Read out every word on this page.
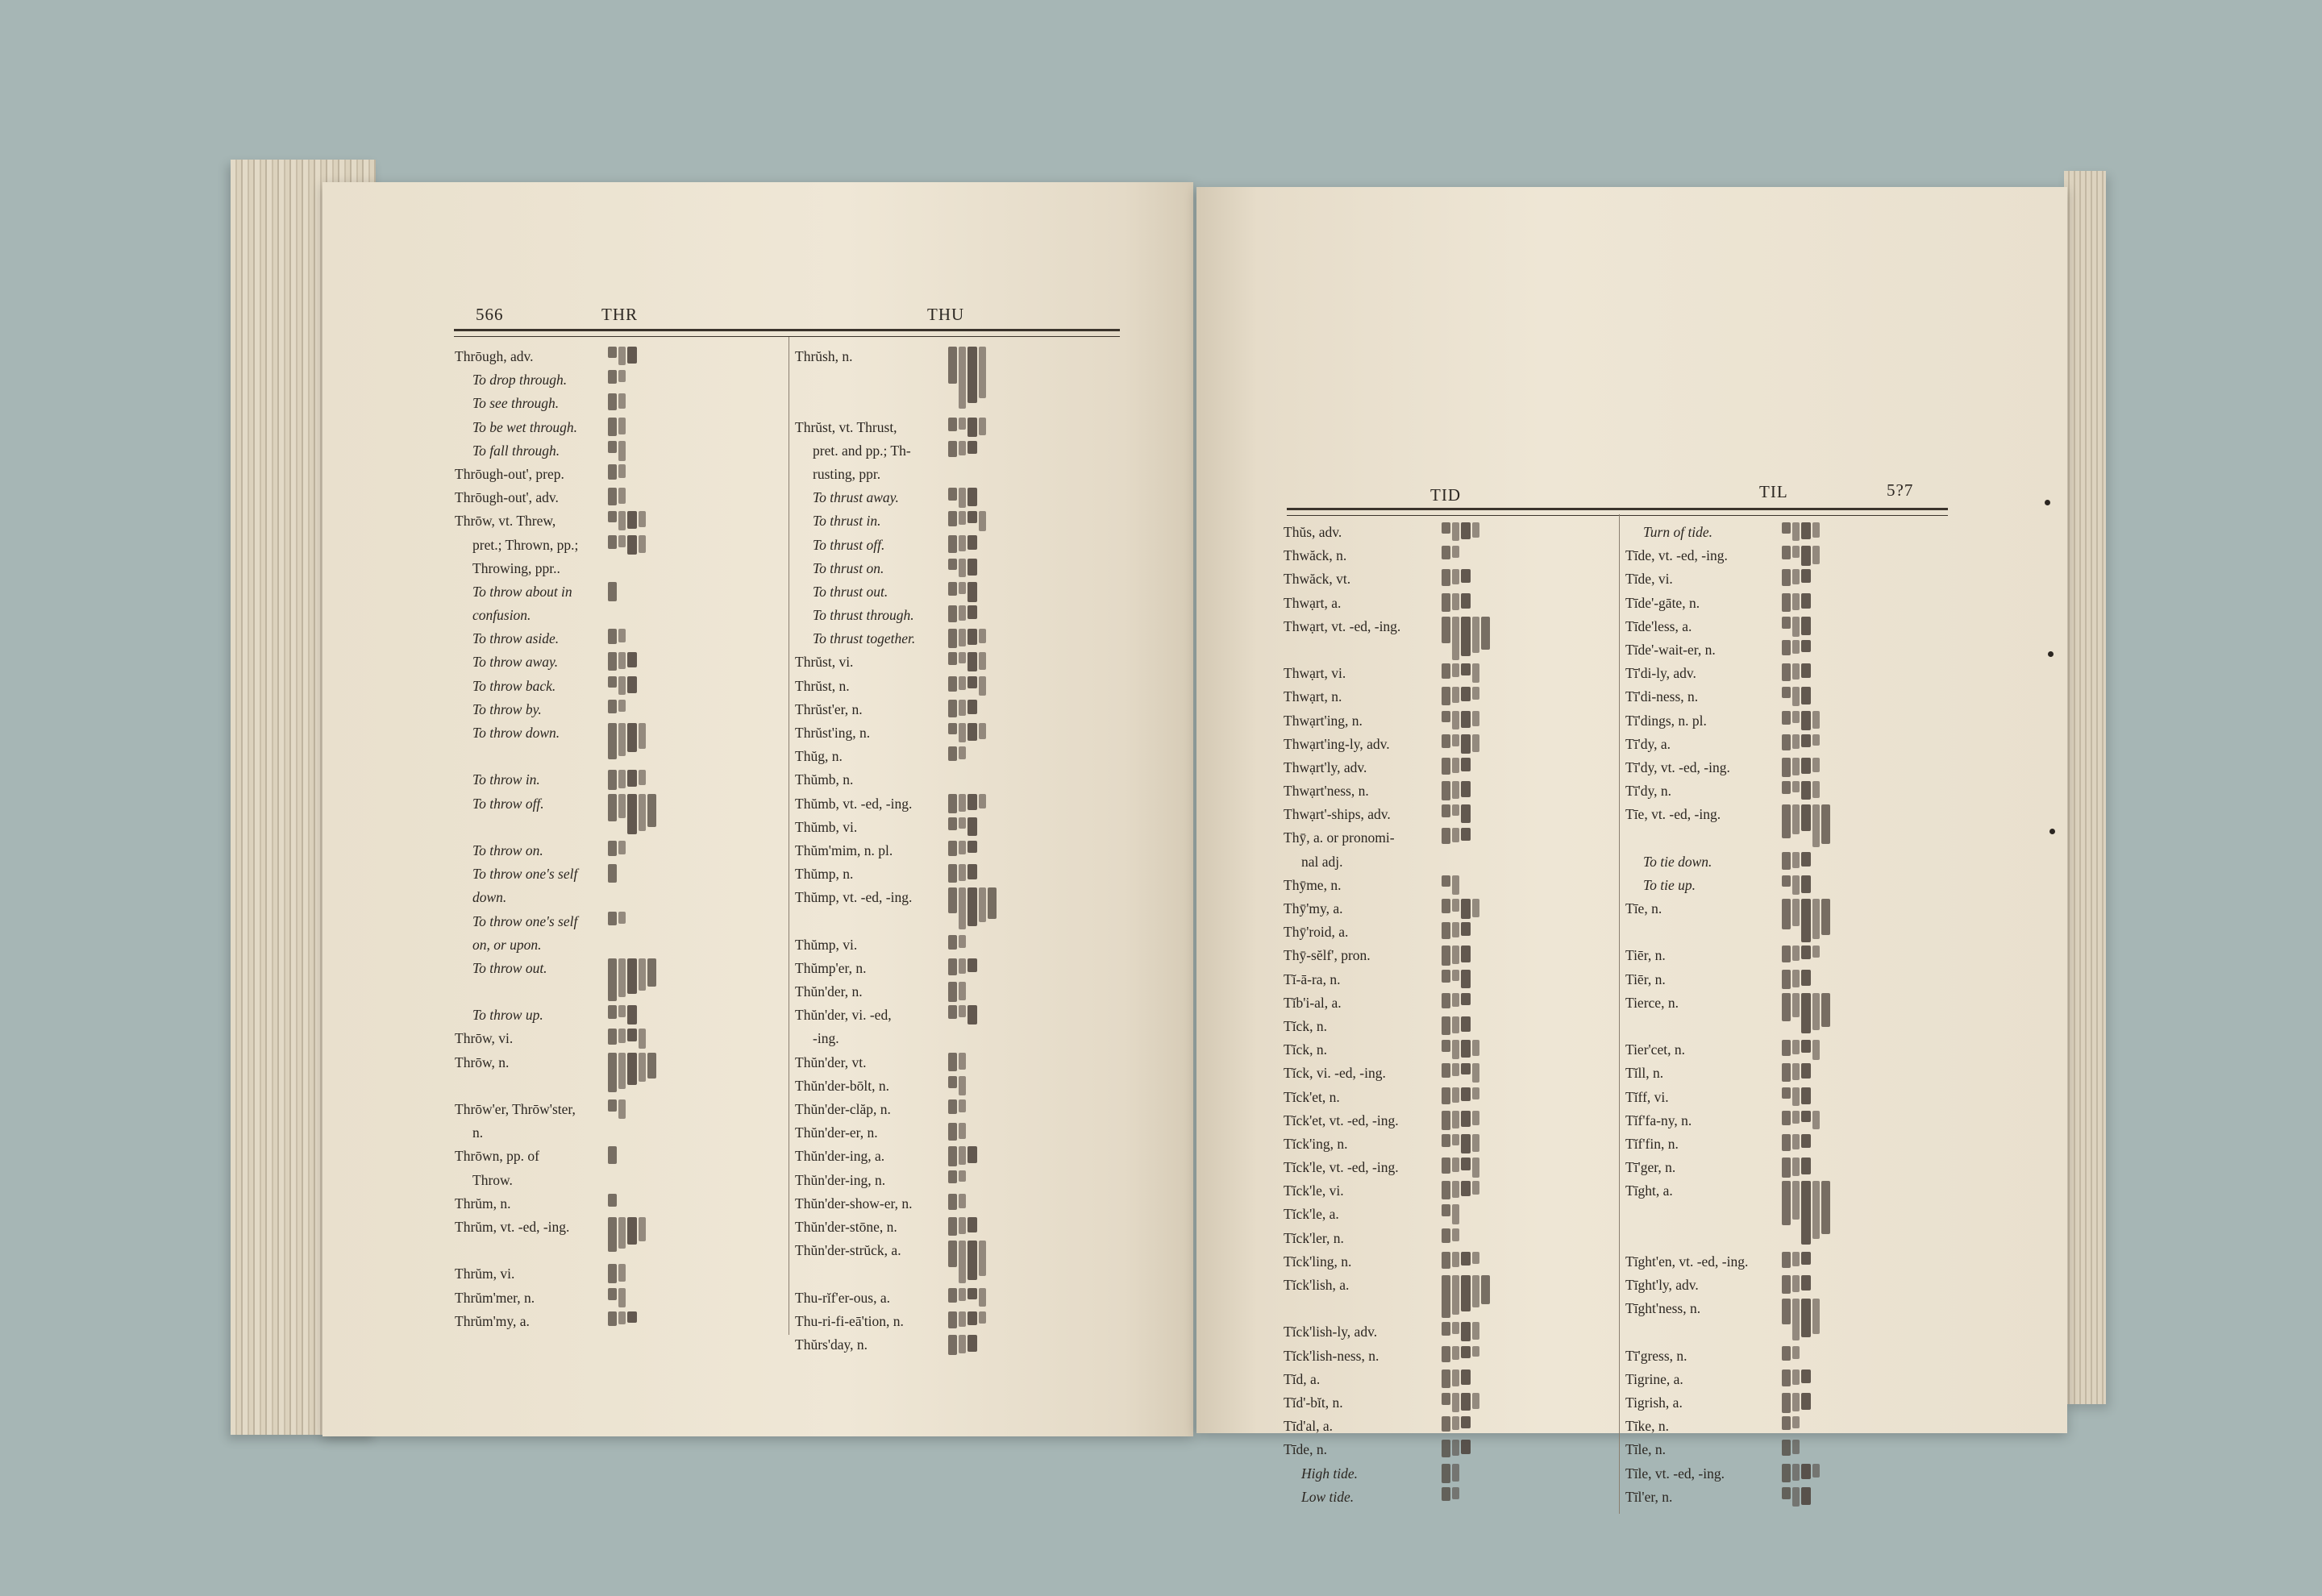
566	THR	THU
Thrōugh, adv.
To drop through.
To see through.
To be wet through.
To fall through.
Thrōugh-out', prep.
Thrōugh-out', adv.
Thrōw, vt. Threw,
pret.; Thrown, pp.;
Throwing, ppr..
To throw about in
confusion.
To throw aside.
To throw away.
To throw back.
To throw by.
To throw down.
To throw in.
To throw off.
To throw on.
To throw one's self
down.
To throw one's self
on, or upon.
To throw out.
To throw up.
Thrōw, vi.
Thrōw, n.
Thrōw'er, Thrōw'ster,
n.
Thrōwn, pp. of
Throw.
Thrŭm, n.
Thrŭm, vt. -ed, -ing.
Thrŭm, vi.
Thrŭm'mer, n.
Thrŭm'my, a.
Thrŭsh, n.
Thrŭst, vt. Thrust,
pret. and pp.; Th-
rusting, ppr.
To thrust away.
To thrust in.
To thrust off.
To thrust on.
To thrust out.
To thrust through.
To thrust together.
Thrŭst, vi.
Thrŭst, n.
Thrŭst'er, n.
Thrŭst'ing, n.
Thŭg, n.
Thŭmb, n.
Thŭmb, vt. -ed, -ing.
Thŭmb, vi.
Thŭm'mim, n. pl.
Thŭmp, n.
Thŭmp, vt. -ed, -ing.
Thŭmp, vi.
Thŭmp'er, n.
Thŭn'der, n.
Thŭn'der, vi. -ed,
-ing.
Thŭn'der, vt.
Thŭn'der-bōlt, n.
Thŭn'der-clăp, n.
Thŭn'der-er, n.
Thŭn'der-ing, a.
Thŭn'der-ing, n.
Thŭn'der-show-er, n.
Thŭn'der-stōne, n.
Thŭn'der-strŭck, a.
Thu-rĭf'er-ous, a.
Thu-ri-fi-eā'tion, n.
Thŭrs'day, n.
TID	TIL	5?7
Thŭs, adv.
Thwăck, n.
Thwăck, vt.
Thwạrt, a.
Thwạrt, vt. -ed, -ing.
Thwạrt, vi.
Thwạrt, n.
Thwạrt'ing, n.
Thwạrt'ing-ly, adv.
Thwạrt'ly, adv.
Thwạrt'ness, n.
Thwạrt'-ships, adv.
Thȳ, a. or pronomi-
nal adj.
Thȳme, n.
Thȳ'my, a.
Thȳ'roid, a.
Thȳ-sĕlf', pron.
Tĭ-ā-ra, n.
Tĭb'i-al, a.
Tĭck, n.
Tĭck, n.
Tĭck, vi. -ed, -ing.
Tĭck'et, n.
Tĭck'et, vt. -ed, -ing.
Tĭck'ing, n.
Tĭck'le, vt. -ed, -ing.
Tĭck'le, vi.
Tĭck'le, a.
Tĭck'ler, n.
Tĭck'ling, n.
Tĭck'lish, a.
Tĭck'lish-ly, adv.
Tĭck'lish-ness, n.
Tĭd, a.
Tĭd'-bĭt, n.
Tīd'al, a.
Tīde, n.
High tide.
Low tide.
Turn of tide.
Tīde, vt. -ed, -ing.
Tīde, vi.
Tīde'-gāte, n.
Tīde'less, a.
Tīde'-wait-er, n.
Tī'di-ly, adv.
Tī'di-ness, n.
Tī'dings, n. pl.
Tī'dy, a.
Tī'dy, vt. -ed, -ing.
Tī'dy, n.
Tīe, vt. -ed, -ing.
To tie down.
To tie up.
Tīe, n.
Tiēr, n.
Tiēr, n.
Tierce, n.
Tier'cet, n.
Tĭll, n.
Tĭff, vi.
Tĭf'fa-ny, n.
Tĭf'fin, n.
Tī'ger, n.
Tīght, a.
Tīght'en, vt. -ed, -ing.
Tīght'ly, adv.
Tīght'ness, n.
Tī'gress, n.
Tigrine, a.
Tigrish, a.
Tīke, n.
Tīle, n.
Tīle, vt. -ed, -ing.
Tīl'er, n.
